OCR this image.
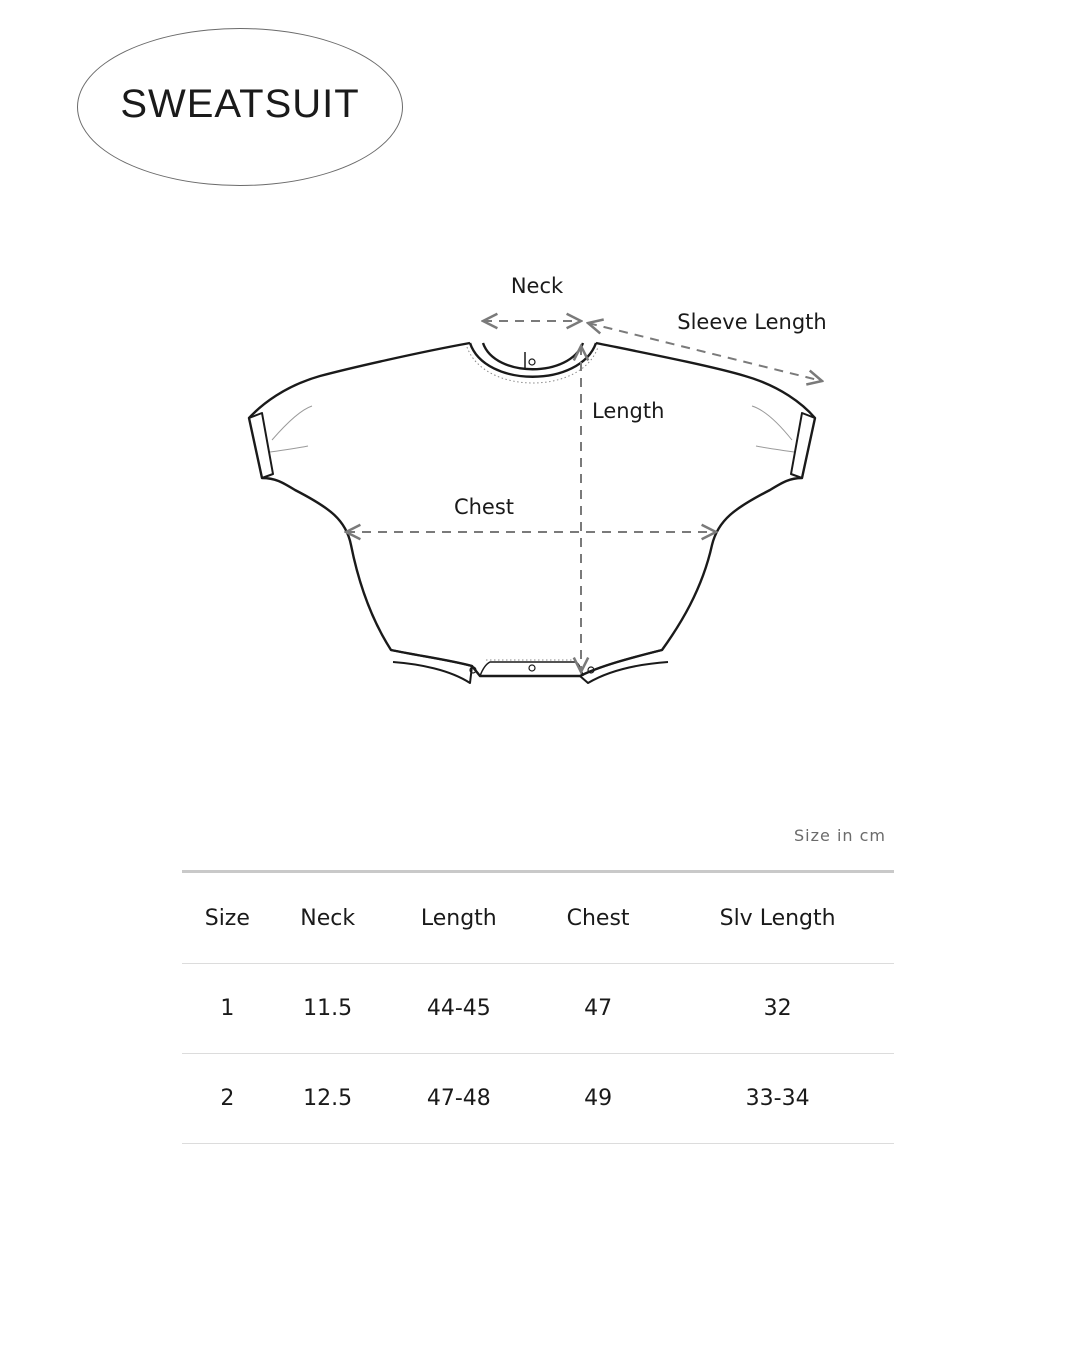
SWEATSUIT
Neck
Sleeve Length
Length
Chest
Size in cm
Size	Neck	Length	Chest	Slv Length
1	11.5	44-45	47	32
2	12.5	47-48	49	33-34
